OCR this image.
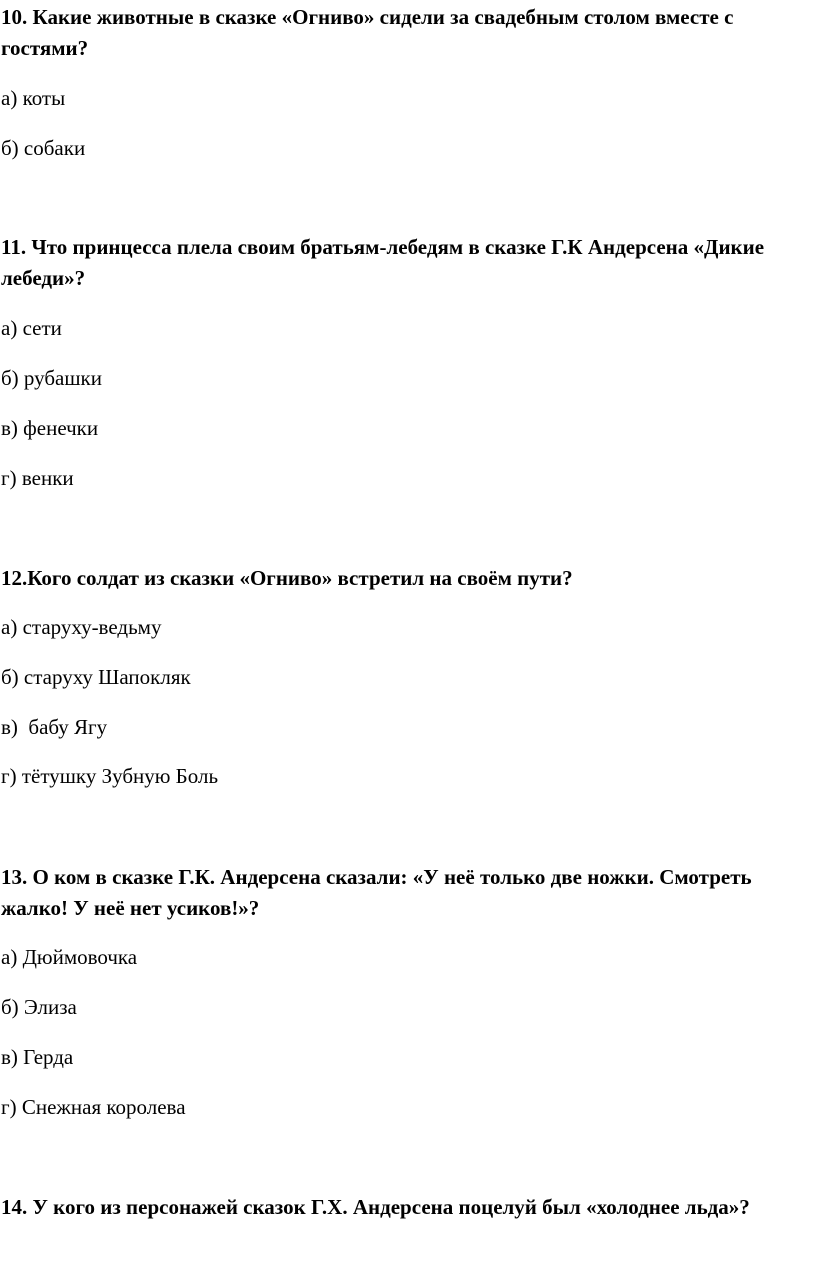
10. Какие животные в сказке «Огниво» сидели за свадебным столом вместе с гостями?

а) коты
б) собаки

11. Что принцесса плела своим братьям-лебедям в сказке Г.К Андерсена «Дикие лебеди»?

а) сети
б) рубашки
в) фенечки
г) венки

12.Кого солдат из сказки «Огниво» встретил на своём пути?

а) старуху-ведьму
б) старуху Шапокляк
в)  бабу Ягу
г) тётушку Зубную Боль

13. О ком в сказке Г.К. Андерсена сказали: «У неё только две ножки. Смотреть жалко! У неё нет усиков!»?

а) Дюймовочка
б) Элиза
в) Герда
г) Снежная королева

14. У кого из персонажей сказок Г.Х. Андерсена поцелуй был «холоднее льда»?
